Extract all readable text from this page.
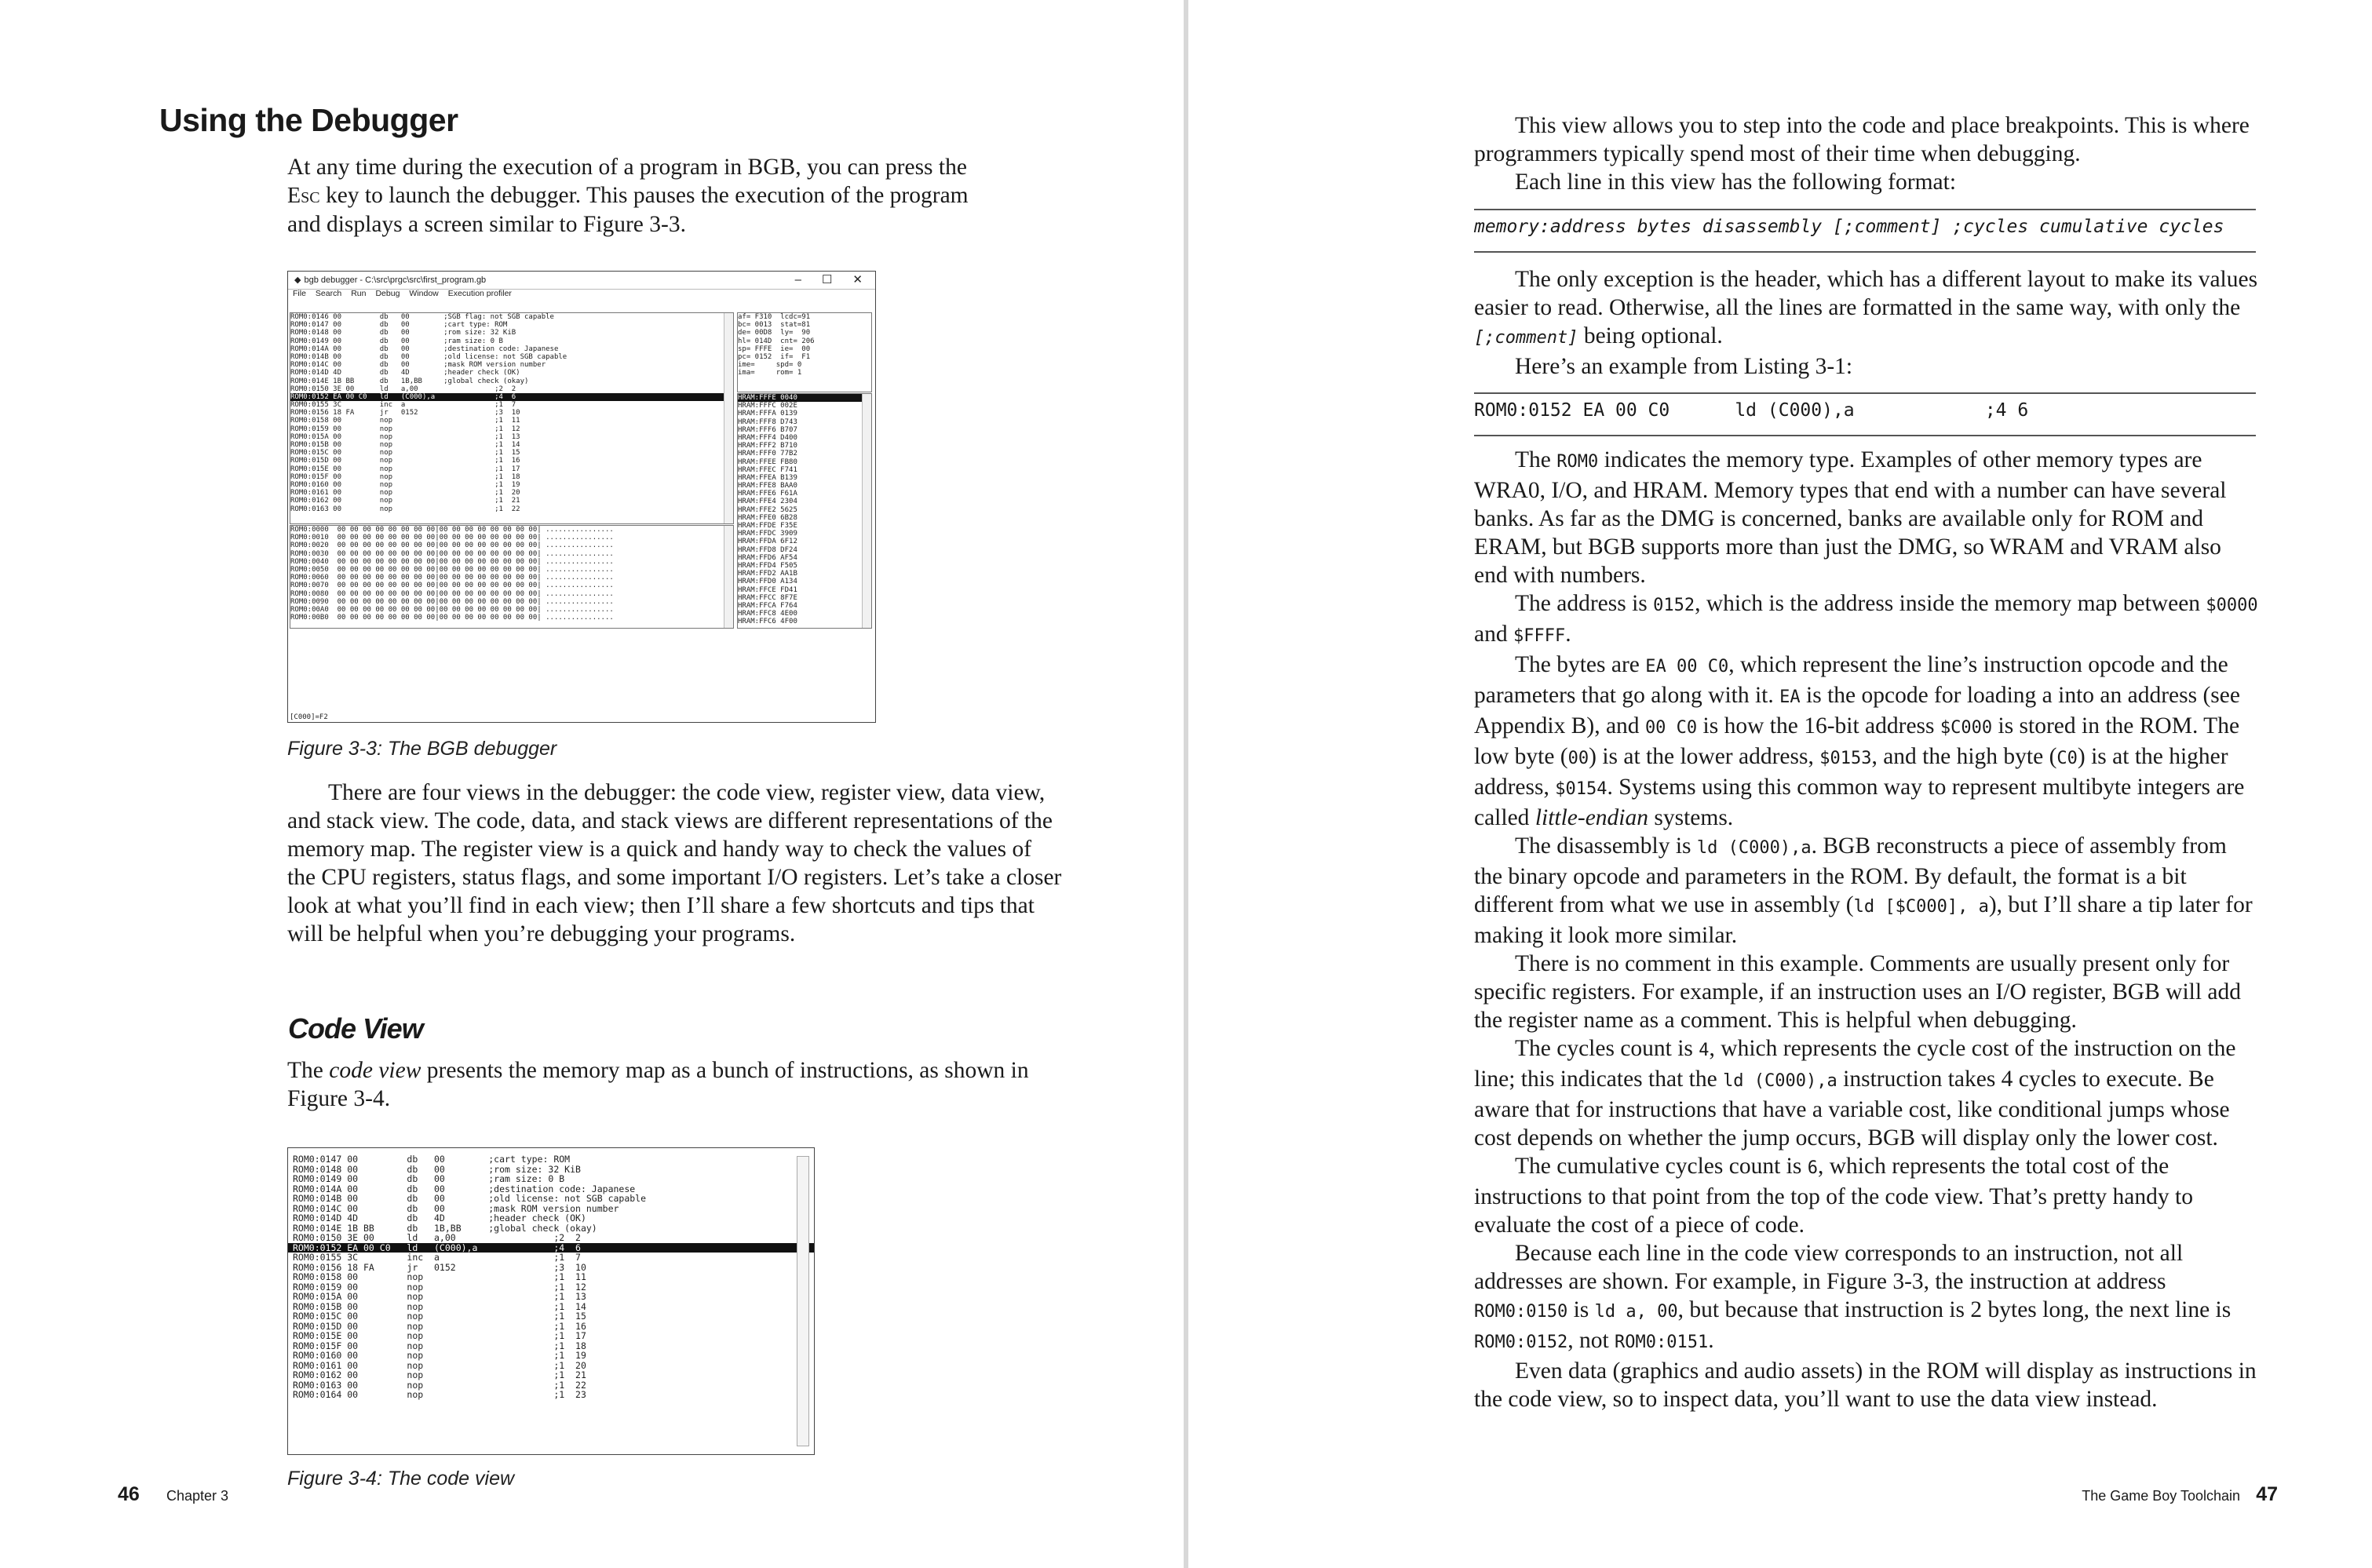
Using the Debugger

At any time during the execution of a program in BGB, you can press the
Esc key to launch the debugger. This pauses the execution of the program
and displays a screen similar to Figure 3-3.

◆ bgb debugger - C:\src\prgc\src\first_program.gb	– ☐ ✕
File Search Run Debug Window Execution profiler
ROM0:0146 00         db   00        ;SGB flag: not SGB capable
ROM0:0147 00         db   00        ;cart type: ROM
ROM0:0148 00         db   00        ;rom size: 32 KiB
ROM0:0149 00         db   00        ;ram size: 0 B
ROM0:014A 00         db   00        ;destination code: Japanese
ROM0:014B 00         db   00        ;old license: not SGB capable
ROM0:014C 00         db   00        ;mask ROM version number
ROM0:014D 4D         db   4D        ;header check (OK)
ROM0:014E 1B BB      db   1B,BB     ;global check (okay)
ROM0:0150 3E 00      ld   a,00                  ;2  2
ROM0:0152 EA 00 C0   ld   (C000),a              ;4  6
ROM0:0155 3C         inc  a                     ;1  7
ROM0:0156 18 FA      jr   0152                  ;3  10
ROM0:0158 00         nop                        ;1  11
ROM0:0159 00         nop                        ;1  12
ROM0:015A 00         nop                        ;1  13
ROM0:015B 00         nop                        ;1  14
ROM0:015C 00         nop                        ;1  15
ROM0:015D 00         nop                        ;1  16
ROM0:015E 00         nop                        ;1  17
ROM0:015F 00         nop                        ;1  18
ROM0:0160 00         nop                        ;1  19
ROM0:0161 00         nop                        ;1  20
ROM0:0162 00         nop                        ;1  21
ROM0:0163 00         nop                        ;1  22
af= F310  lcdc=91
bc= 0013  stat=81
de= 00D8  ly=  90
hl= 014D  cnt= 206
sp= FFFE  ie=  00
pc= 0152  if=  F1
ime=     spd= 0
ima=     rom= 1
HRAM:FFFE 0040
HRAM:FFFC 002E
HRAM:FFFA 0139
HRAM:FFF8 D743
HRAM:FFF6 B707
HRAM:FFF4 D400
HRAM:FFF2 B710
HRAM:FFF0 77B2
HRAM:FFEE FB80
HRAM:FFEC F741
HRAM:FFEA B139
HRAM:FFE8 BAA0
HRAM:FFE6 F61A
HRAM:FFE4 2304
HRAM:FFE2 5625
HRAM:FFE0 6B28
HRAM:FFDE F35E
HRAM:FFDC 3909
HRAM:FFDA 6F12
HRAM:FFD8 DF24
HRAM:FFD6 AF54
HRAM:FFD4 F505
HRAM:FFD2 AA1B
HRAM:FFD0 A134
HRAM:FFCE FD41
HRAM:FFCC 8F7E
HRAM:FFCA F764
HRAM:FFC8 4E00
HRAM:FFC6 4F00
ROM0:0000  00 00 00 00 00 00 00 00|00 00 00 00 00 00 00 00| ................
ROM0:0010  00 00 00 00 00 00 00 00|00 00 00 00 00 00 00 00| ................
ROM0:0020  00 00 00 00 00 00 00 00|00 00 00 00 00 00 00 00| ................
ROM0:0030  00 00 00 00 00 00 00 00|00 00 00 00 00 00 00 00| ................
ROM0:0040  00 00 00 00 00 00 00 00|00 00 00 00 00 00 00 00| ................
ROM0:0050  00 00 00 00 00 00 00 00|00 00 00 00 00 00 00 00| ................
ROM0:0060  00 00 00 00 00 00 00 00|00 00 00 00 00 00 00 00| ................
ROM0:0070  00 00 00 00 00 00 00 00|00 00 00 00 00 00 00 00| ................
ROM0:0080  00 00 00 00 00 00 00 00|00 00 00 00 00 00 00 00| ................
ROM0:0090  00 00 00 00 00 00 00 00|00 00 00 00 00 00 00 00| ................
ROM0:00A0  00 00 00 00 00 00 00 00|00 00 00 00 00 00 00 00| ................
ROM0:00B0  00 00 00 00 00 00 00 00|00 00 00 00 00 00 00 00| ................
[C000]=F2
Figure 3-3: The BGB debugger

There are four views in the debugger: the code view, register view, data view, and stack view. The code, data, and stack views are different representations of the memory map. The register view is a quick and handy way to check the values of the CPU registers, status flags, and some important I/O registers. Let’s take a closer look at what you’ll find in each view; then I’ll share a few shortcuts and tips that will be helpful when you’re debugging your programs.

Code View

The code view presents the memory map as a bunch of instructions, as shown in Figure 3-4.

ROM0:0147 00         db   00        ;cart type: ROM
ROM0:0148 00         db   00        ;rom size: 32 KiB
ROM0:0149 00         db   00        ;ram size: 0 B
ROM0:014A 00         db   00        ;destination code: Japanese
ROM0:014B 00         db   00        ;old license: not SGB capable
ROM0:014C 00         db   00        ;mask ROM version number
ROM0:014D 4D         db   4D        ;header check (OK)
ROM0:014E 1B BB      db   1B,BB     ;global check (okay)
ROM0:0150 3E 00      ld   a,00                  ;2  2
ROM0:0152 EA 00 C0   ld   (C000),a              ;4  6
ROM0:0155 3C         inc  a                     ;1  7
ROM0:0156 18 FA      jr   0152                  ;3  10
ROM0:0158 00         nop                        ;1  11
ROM0:0159 00         nop                        ;1  12
ROM0:015A 00         nop                        ;1  13
ROM0:015B 00         nop                        ;1  14
ROM0:015C 00         nop                        ;1  15
ROM0:015D 00         nop                        ;1  16
ROM0:015E 00         nop                        ;1  17
ROM0:015F 00         nop                        ;1  18
ROM0:0160 00         nop                        ;1  19
ROM0:0161 00         nop                        ;1  20
ROM0:0162 00         nop                        ;1  21
ROM0:0163 00         nop                        ;1  22
ROM0:0164 00         nop                        ;1  23
Figure 3-4: The code view
46 Chapter 3

This view allows you to step into the code and place breakpoints. This is where programmers typically spend most of their time when debugging.

Each line in this view has the following format:

memory:address bytes disassembly [;comment] ;cycles cumulative cycles

The only exception is the header, which has a different layout to make its values easier to read. Otherwise, all the lines are formatted in the same way, with only the [;comment] being optional.

Here’s an example from Listing 3-1:

ROM0:0152 EA 00 C0      ld (C000),a            ;4 6

The ROM0 indicates the memory type. Examples of other memory types are WRA0, I/O, and HRAM. Memory types that end with a number can have several banks. As far as the DMG is concerned, banks are available only for ROM and ERAM, but BGB supports more than just the DMG, so WRAM and VRAM also end with numbers.

The address is 0152, which is the address inside the memory map between $0000 and $FFFF.

The bytes are EA 00 C0, which represent the line’s instruction opcode and the parameters that go along with it. EA is the opcode for loading a into an address (see Appendix B), and 00 C0 is how the 16-bit address $C000 is stored in the ROM. The low byte (00) is at the lower address, $0153, and the high byte (C0) is at the higher address, $0154. Systems using this common way to represent multibyte integers are called little-endian systems.

The disassembly is ld (C000),a. BGB reconstructs a piece of assembly from the binary opcode and parameters in the ROM. By default, the format is a bit different from what we use in assembly (ld [$C000], a), but I’ll share a tip later for making it look more similar.

There is no comment in this example. Comments are usually present only for specific registers. For example, if an instruction uses an I/O register, BGB will add the register name as a comment. This is helpful when debugging.

The cycles count is 4, which represents the cycle cost of the instruction on the line; this indicates that the ld (C000),a instruction takes 4 cycles to execute. Be aware that for instructions that have a variable cost, like conditional jumps whose cost depends on whether the jump occurs, BGB will display only the lower cost.

The cumulative cycles count is 6, which represents the total cost of the instructions to that point from the top of the code view. That’s pretty handy to evaluate the cost of a piece of code.

Because each line in the code view corresponds to an instruction, not all addresses are shown. For example, in Figure 3-3, the instruction at address ROM0:0150 is ld a, 00, but because that instruction is 2 bytes long, the next line is ROM0:0152, not ROM0:0151.

Even data (graphics and audio assets) in the ROM will display as instructions in the code view, so to inspect data, you’ll want to use the data view instead.

The Game Boy Toolchain 47
